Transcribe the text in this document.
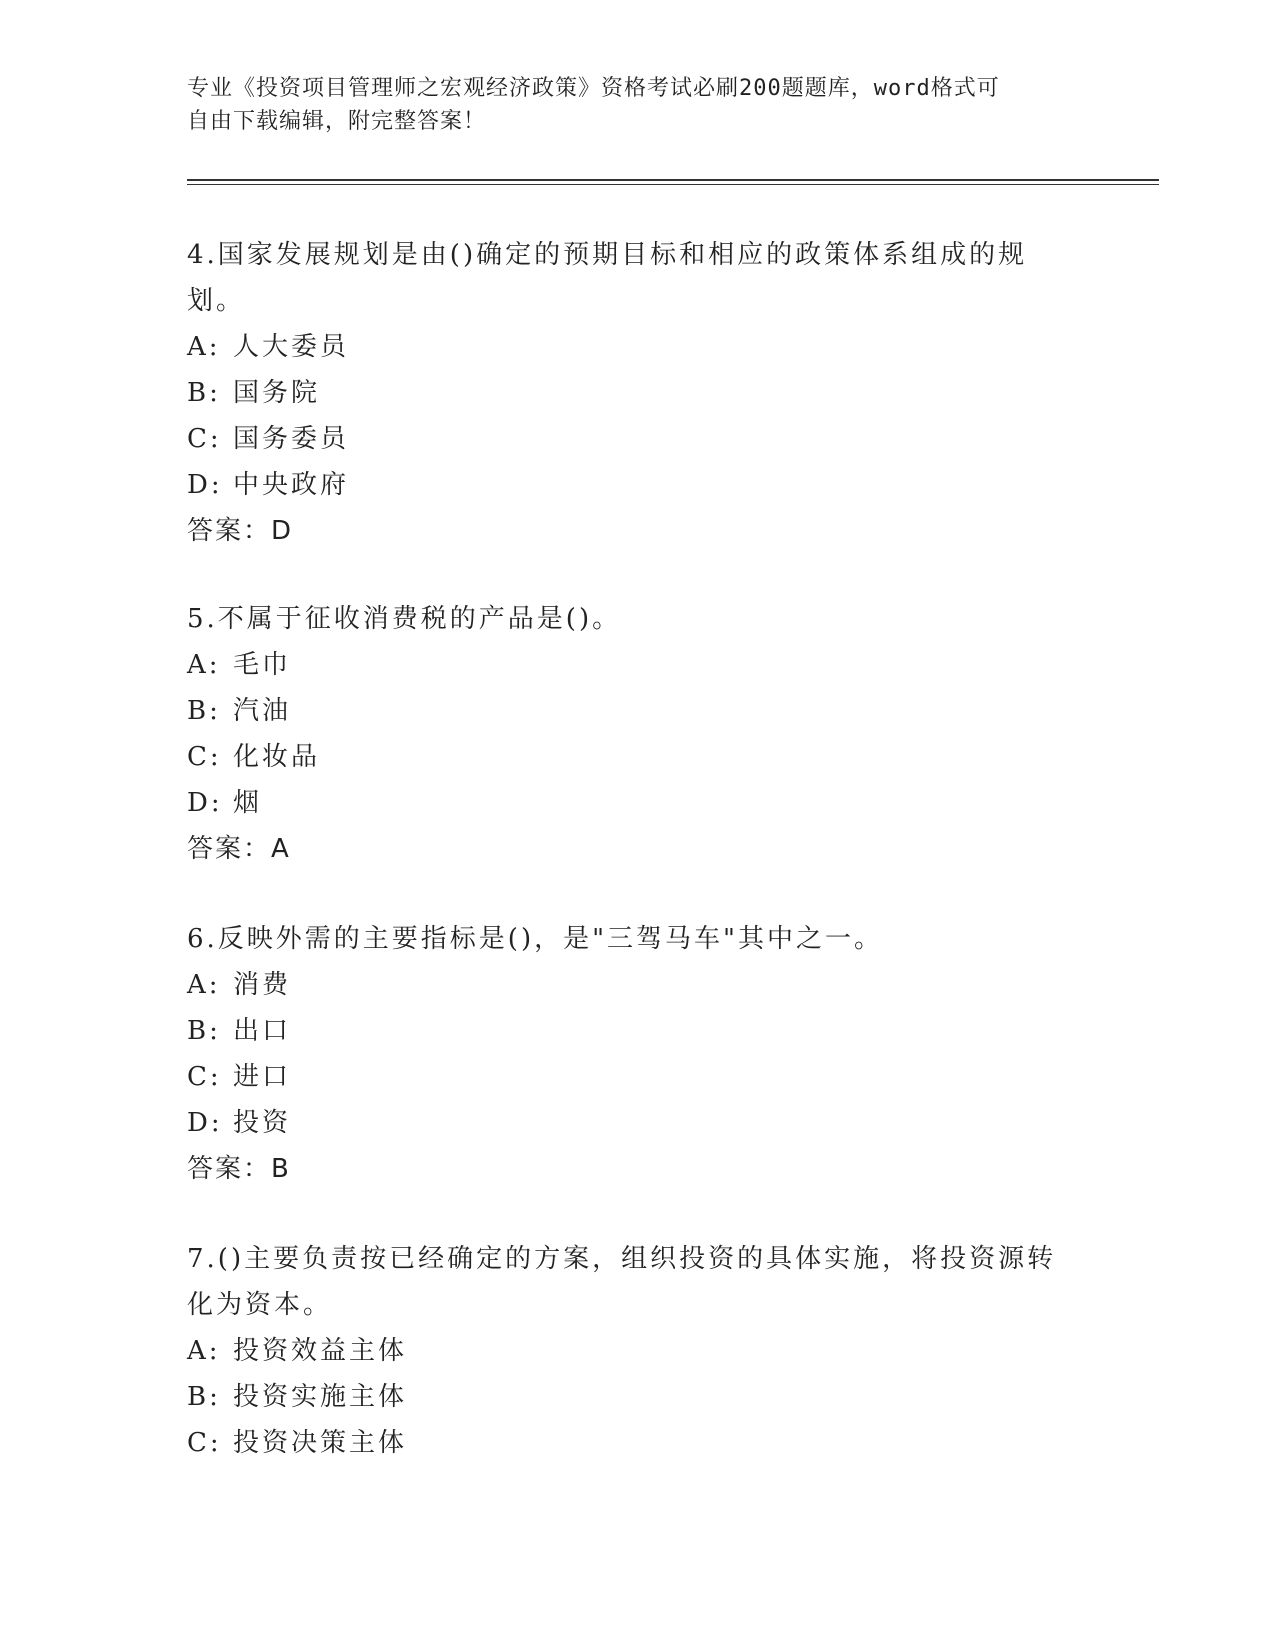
专业《投资项目管理师之宏观经济政策》资格考试必刷200题题库，word格式可
自由下载编辑，附完整答案！

4.国家发展规划是由()确定的预期目标和相应的政策体系组成的规划。

A: 人大委员

B: 国务院

C: 国务委员

D: 中央政府

答案：D

5.不属于征收消费税的产品是()。

A: 毛巾

B: 汽油

C: 化妆品

D: 烟

答案：A

6.反映外需的主要指标是()，是"三驾马车"其中之一。

A: 消费

B: 出口

C: 进口

D: 投资

答案：B

7.()主要负责按已经确定的方案，组织投资的具体实施，将投资源转化为资本。

A: 投资效益主体

B: 投资实施主体

C: 投资决策主体
